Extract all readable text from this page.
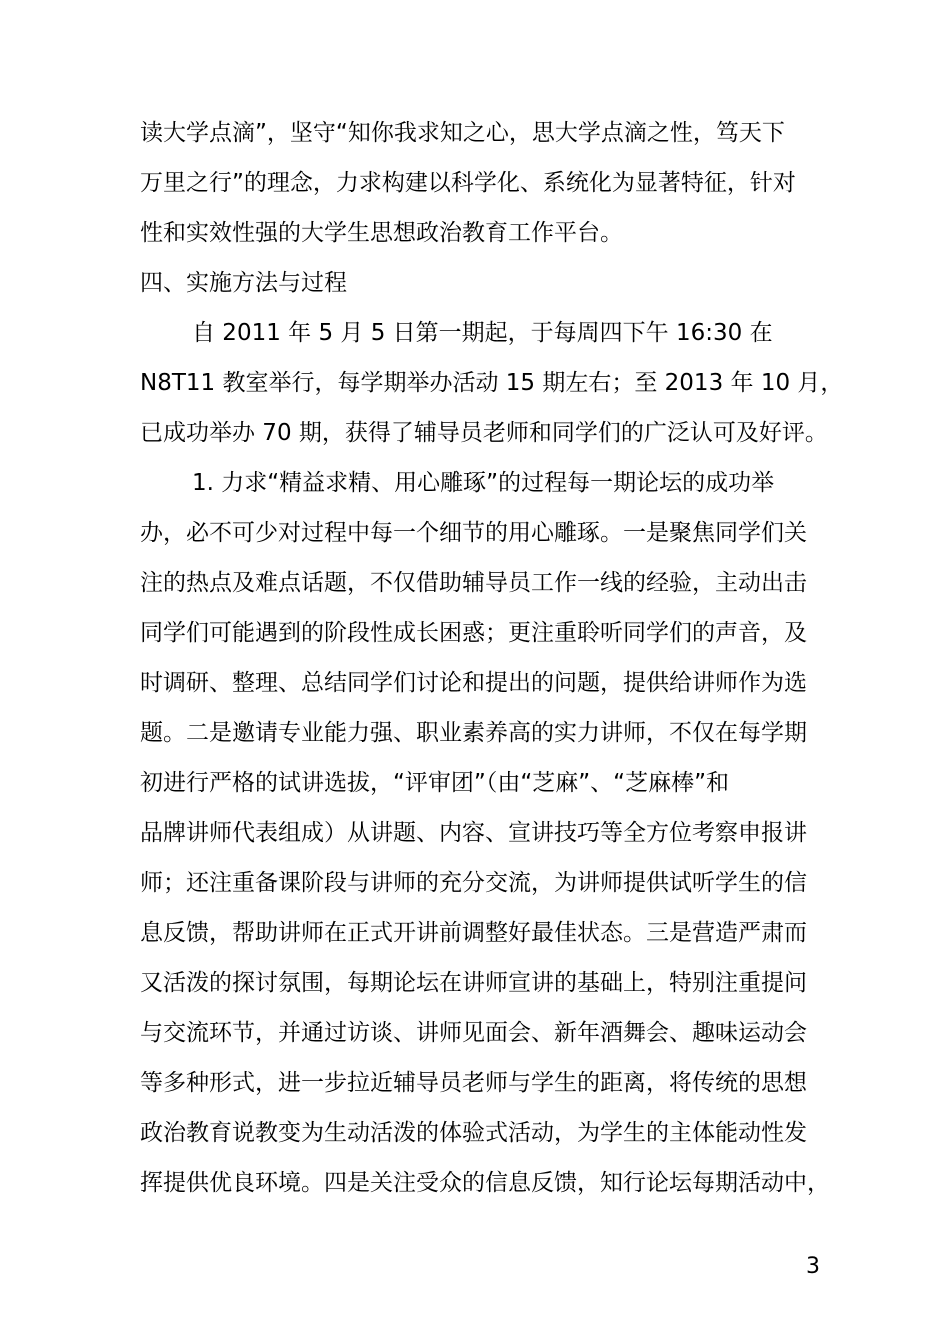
读大学点滴”，坚守“知你我求知之心，思大学点滴之性，笃天下
万里之行”的理念，力求构建以科学化、系统化为显著特征，针对
性和实效性强的大学生思想政治教育工作平台。
四、实施方法与过程
自 2011 年 5 月 5 日第一期起，于每周四下午 16:30 在
N8T11 教室举行，每学期举办活动 15 期左右；至 2013 年 10 月，
已成功举办 70 期，获得了辅导员老师和同学们的广泛认可及好评。
1. 力求“精益求精、用心雕琢”的过程每一期论坛的成功举
办，必不可少对过程中每一个细节的用心雕琢。一是聚焦同学们关
注的热点及难点话题，不仅借助辅导员工作一线的经验，主动出击
同学们可能遇到的阶段性成长困惑；更注重聆听同学们的声音，及
时调研、整理、总结同学们讨论和提出的问题，提供给讲师作为选
题。二是邀请专业能力强、职业素养高的实力讲师，不仅在每学期
初进行严格的试讲选拔，“评审团”（由“芝麻”、“芝麻棒”和
品牌讲师代表组成）从讲题、内容、宣讲技巧等全方位考察申报讲
师；还注重备课阶段与讲师的充分交流，为讲师提供试听学生的信
息反馈，帮助讲师在正式开讲前调整好最佳状态。三是营造严肃而
又活泼的探讨氛围，每期论坛在讲师宣讲的基础上，特别注重提问
与交流环节，并通过访谈、讲师见面会、新年酒舞会、趣味运动会
等多种形式，进一步拉近辅导员老师与学生的距离，将传统的思想
政治教育说教变为生动活泼的体验式活动，为学生的主体能动性发
挥提供优良环境。四是关注受众的信息反馈，知行论坛每期活动中，
3
